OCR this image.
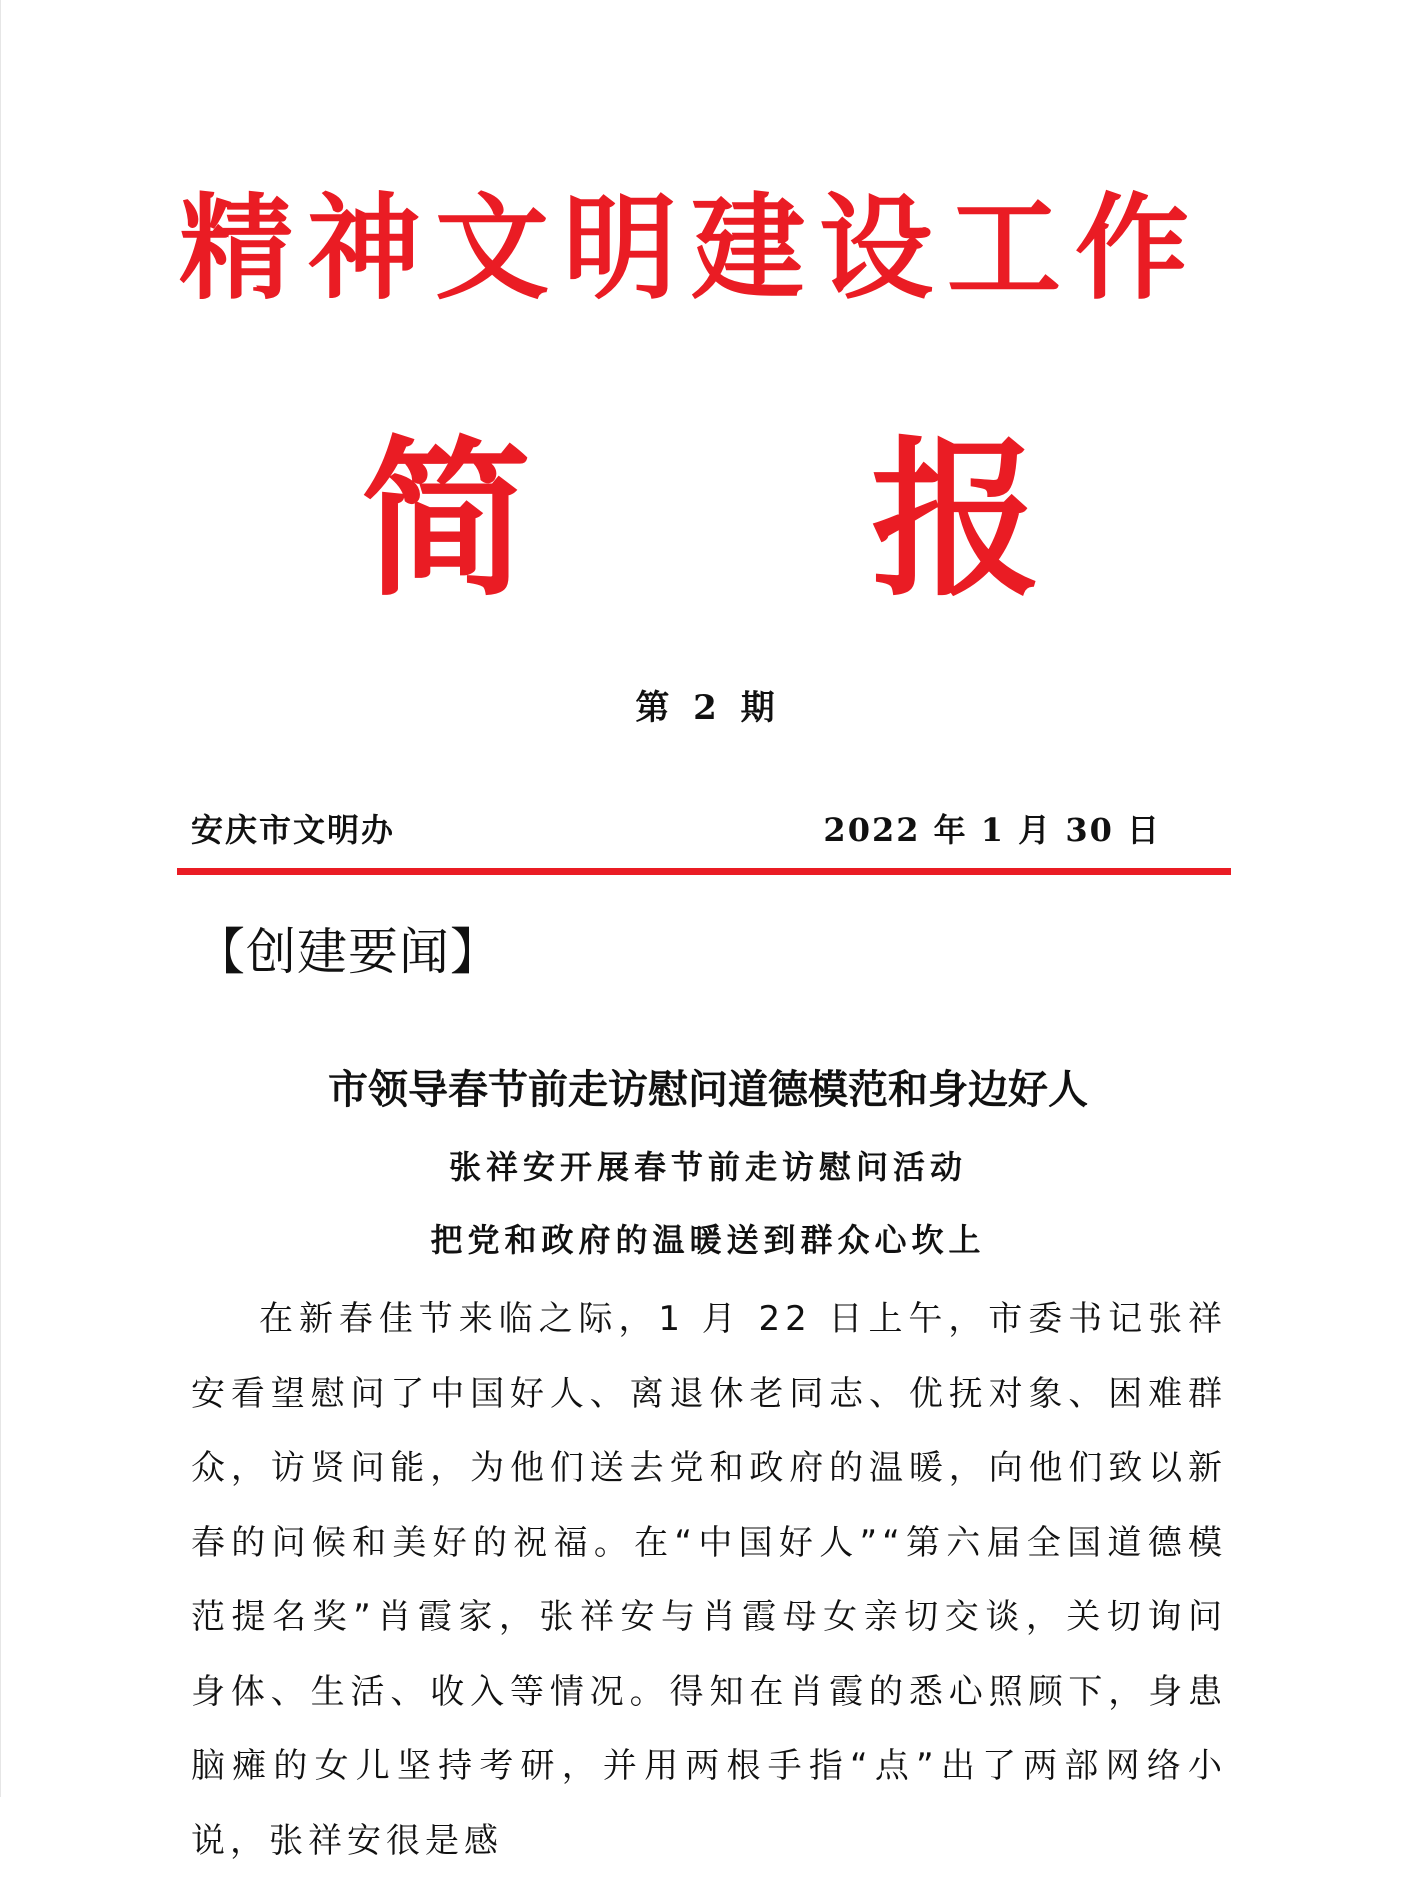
精神文明建设工作
简 报
第 2 期
安庆市文明办	2022 年 1 月 30 日
【创建要闻】
市领导春节前走访慰问道德模范和身边好人
张祥安开展春节前走访慰问活动
把党和政府的温暖送到群众心坎上

在新春佳节来临之际，1 月 22 日上午，市委书记张祥安看望慰问了中国好人、离退休老同志、优抚对象、困难群众，访贤问能，为他们送去党和政府的温暖，向他们致以新春的问候和美好的祝福。在“中国好人”“第六届全国道德模范提名奖”肖霞家，张祥安与肖霞母女亲切交谈，关切询问身体、生活、收入等情况。得知在肖霞的悉心照顾下，身患脑瘫的女儿坚持考研，并用两根手指“点”出了两部网络小说，张祥安很是感
